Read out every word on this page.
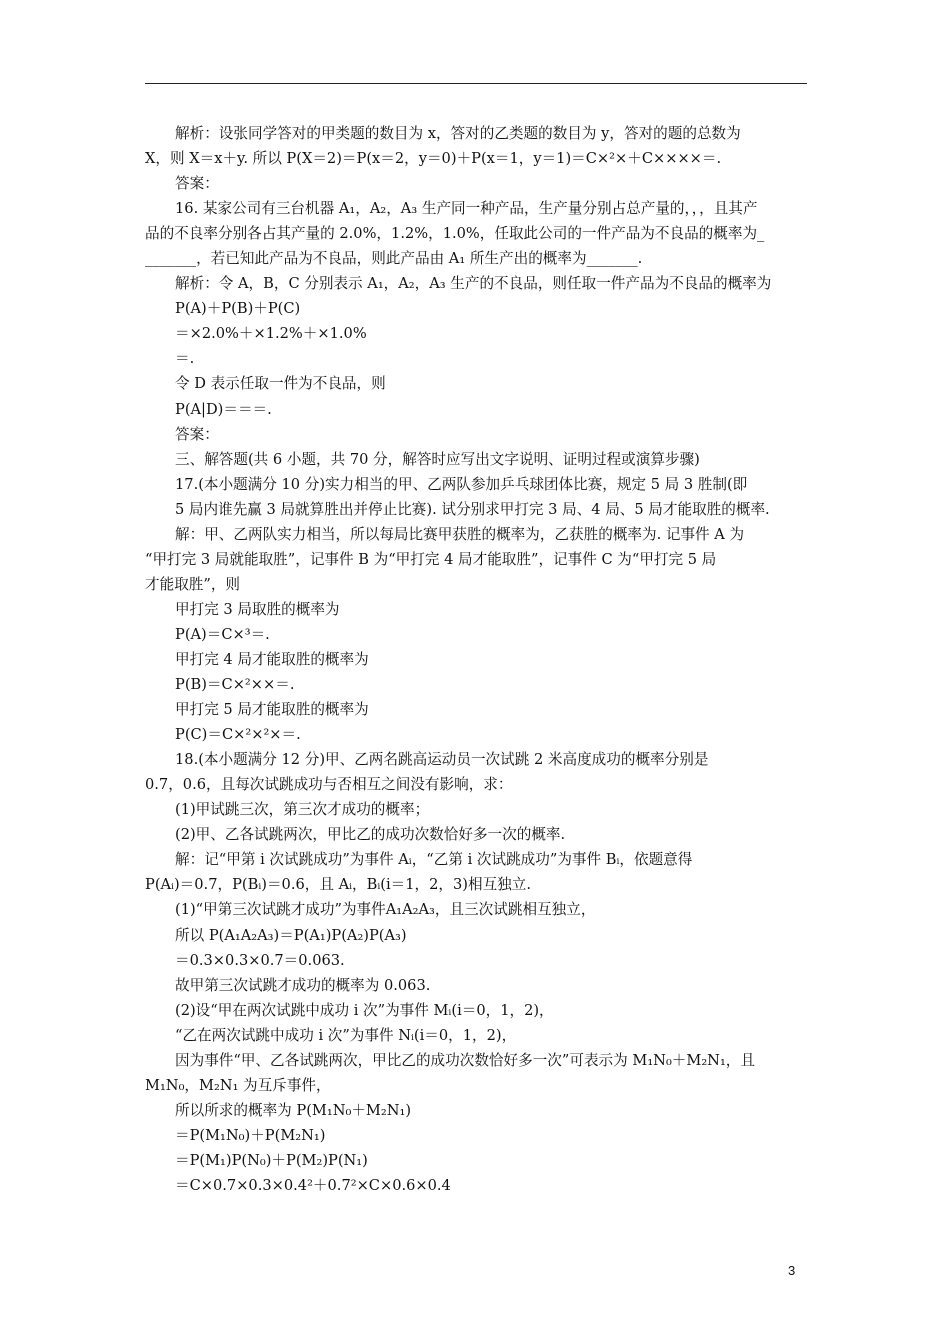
解析：设张同学答对的甲类题的数目为 x，答对的乙类题的数目为 y，答对的题的总数为
X，则 X＝x＋y. 所以 P(X＝2)＝P(x＝2，y＝0)＋P(x＝1，y＝1)＝C×²×＋C××××＝.
答案：
16. 某家公司有三台机器 A₁，A₂，A₃ 生产同一种产品，生产量分别占总产量的，，，且其产
品的不良率分别各占其产量的 2.0%，1.2%，1.0%，任取此公司的一件产品为不良品的概率为_
_______，若已知此产品为不良品，则此产品由 A₁ 所生产出的概率为_______.
解析：令 A，B，C 分别表示 A₁，A₂，A₃ 生产的不良品，则任取一件产品为不良品的概率为
P(A)＋P(B)＋P(C)
＝×2.0%＋×1.2%＋×1.0%
＝.
令 D 表示任取一件为不良品，则
P(A|D)＝＝＝.
答案：
三、解答题(共 6 小题，共 70 分，解答时应写出文字说明、证明过程或演算步骤)
17.(本小题满分 10 分)实力相当的甲、乙两队参加乒乓球团体比赛，规定 5 局 3 胜制(即
5 局内谁先赢 3 局就算胜出并停止比赛). 试分别求甲打完 3 局、4 局、5 局才能取胜的概率.
解：甲、乙两队实力相当，所以每局比赛甲获胜的概率为，乙获胜的概率为. 记事件 A 为
“甲打完 3 局就能取胜”，记事件 B 为“甲打完 4 局才能取胜”，记事件 C 为“甲打完 5 局
才能取胜”，则
甲打完 3 局取胜的概率为
P(A)＝C×³＝.
甲打完 4 局才能取胜的概率为
P(B)＝C×²××＝.
甲打完 5 局才能取胜的概率为
P(C)＝C×²×²×＝.
18.(本小题满分 12 分)甲、乙两名跳高运动员一次试跳 2 米高度成功的概率分别是
0.7，0.6，且每次试跳成功与否相互之间没有影响，求：
(1)甲试跳三次，第三次才成功的概率；
(2)甲、乙各试跳两次，甲比乙的成功次数恰好多一次的概率.
解：记“甲第 i 次试跳成功”为事件 Aᵢ，“乙第 i 次试跳成功”为事件 Bᵢ，依题意得
P(Aᵢ)＝0.7，P(Bᵢ)＝0.6，且 Aᵢ，Bᵢ(i＝1，2，3)相互独立.
(1)“甲第三次试跳才成功”为事件A₁A₂A₃，且三次试跳相互独立，
所以 P(A₁A₂A₃)＝P(A₁)P(A₂)P(A₃)
＝0.3×0.3×0.7＝0.063.
故甲第三次试跳才成功的概率为 0.063.
(2)设“甲在两次试跳中成功 i 次”为事件 Mᵢ(i＝0，1，2)，
“乙在两次试跳中成功 i 次”为事件 Nᵢ(i＝0，1，2)，
因为事件“甲、乙各试跳两次，甲比乙的成功次数恰好多一次”可表示为 M₁N₀＋M₂N₁，且
M₁N₀，M₂N₁ 为互斥事件，
所以所求的概率为 P(M₁N₀＋M₂N₁)
＝P(M₁N₀)＋P(M₂N₁)
＝P(M₁)P(N₀)＋P(M₂)P(N₁)
＝C×0.7×0.3×0.4²＋0.7²×C×0.6×0.4
3
